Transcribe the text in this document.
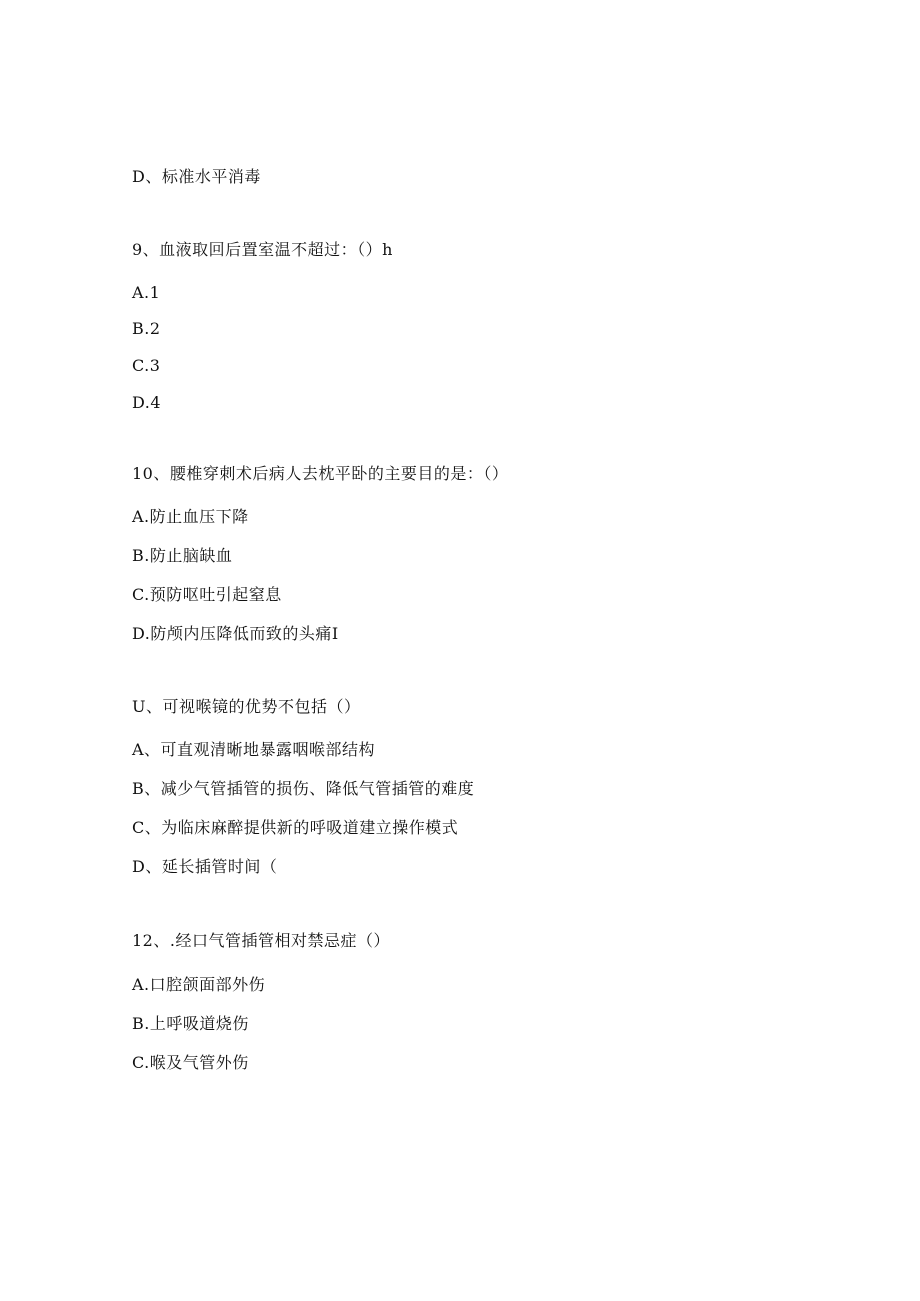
D、标准水平消毒
9、血液取回后置室温不超过：（）h
A.1
B.2
C.3
D.4
10、腰椎穿刺术后病人去枕平卧的主要目的是：（）
A.防止血压下降
B.防止脑缺血
C.预防呕吐引起窒息
D.防颅内压降低而致的头痛I
U、可视喉镜的优势不包括（）
A、可直观清晰地暴露咽喉部结构
B、减少气管插管的损伤、降低气管插管的难度
C、为临床麻醉提供新的呼吸道建立操作模式
D、延长插管时间（
12、.经口气管插管相对禁忌症（）
A.口腔颌面部外伤
B.上呼吸道烧伤
C.喉及气管外伤
